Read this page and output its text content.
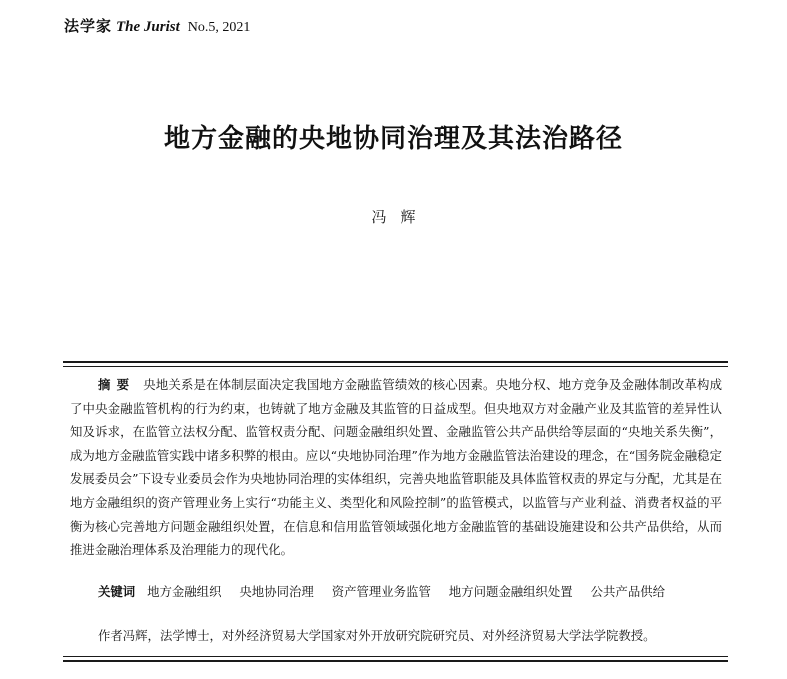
法学家 The Jurist No.5, 2021
地方金融的央地协同治理及其法治路径
冯辉
摘要 央地关系是在体制层面决定我国地方金融监管绩效的核心因素。央地分权、地方竞争及金融体制改革构成了中央金融监管机构的行为约束，也铸就了地方金融及其监管的日益成型。但央地双方对金融产业及其监管的差异性认知及诉求，在监管立法权分配、监管权责分配、问题金融组织处置、金融监管公共产品供给等层面的“央地关系失衡”，成为地方金融监管实践中诸多积弊的根由。应以“央地协同治理”作为地方金融监管法治建设的理念，在“国务院金融稳定发展委员会”下设专业委员会作为央地协同治理的实体组织，完善央地监管职能及具体监管权责的界定与分配，尤其是在地方金融组织的资产管理业务上实行“功能主义、类型化和风险控制”的监管模式，以监管与产业利益、消费者权益的平衡为核心完善地方问题金融组织处置，在信息和信用监管领域强化地方金融监管的基础设施建设和公共产品供给，从而推进金融治理体系及治理能力的现代化。
关键词 地方金融组织 央地协同治理 资产管理业务监管 地方问题金融组织处置 公共产品供给
作者冯辉，法学博士，对外经济贸易大学国家对外开放研究院研究员、对外经济贸易大学法学院教授。
